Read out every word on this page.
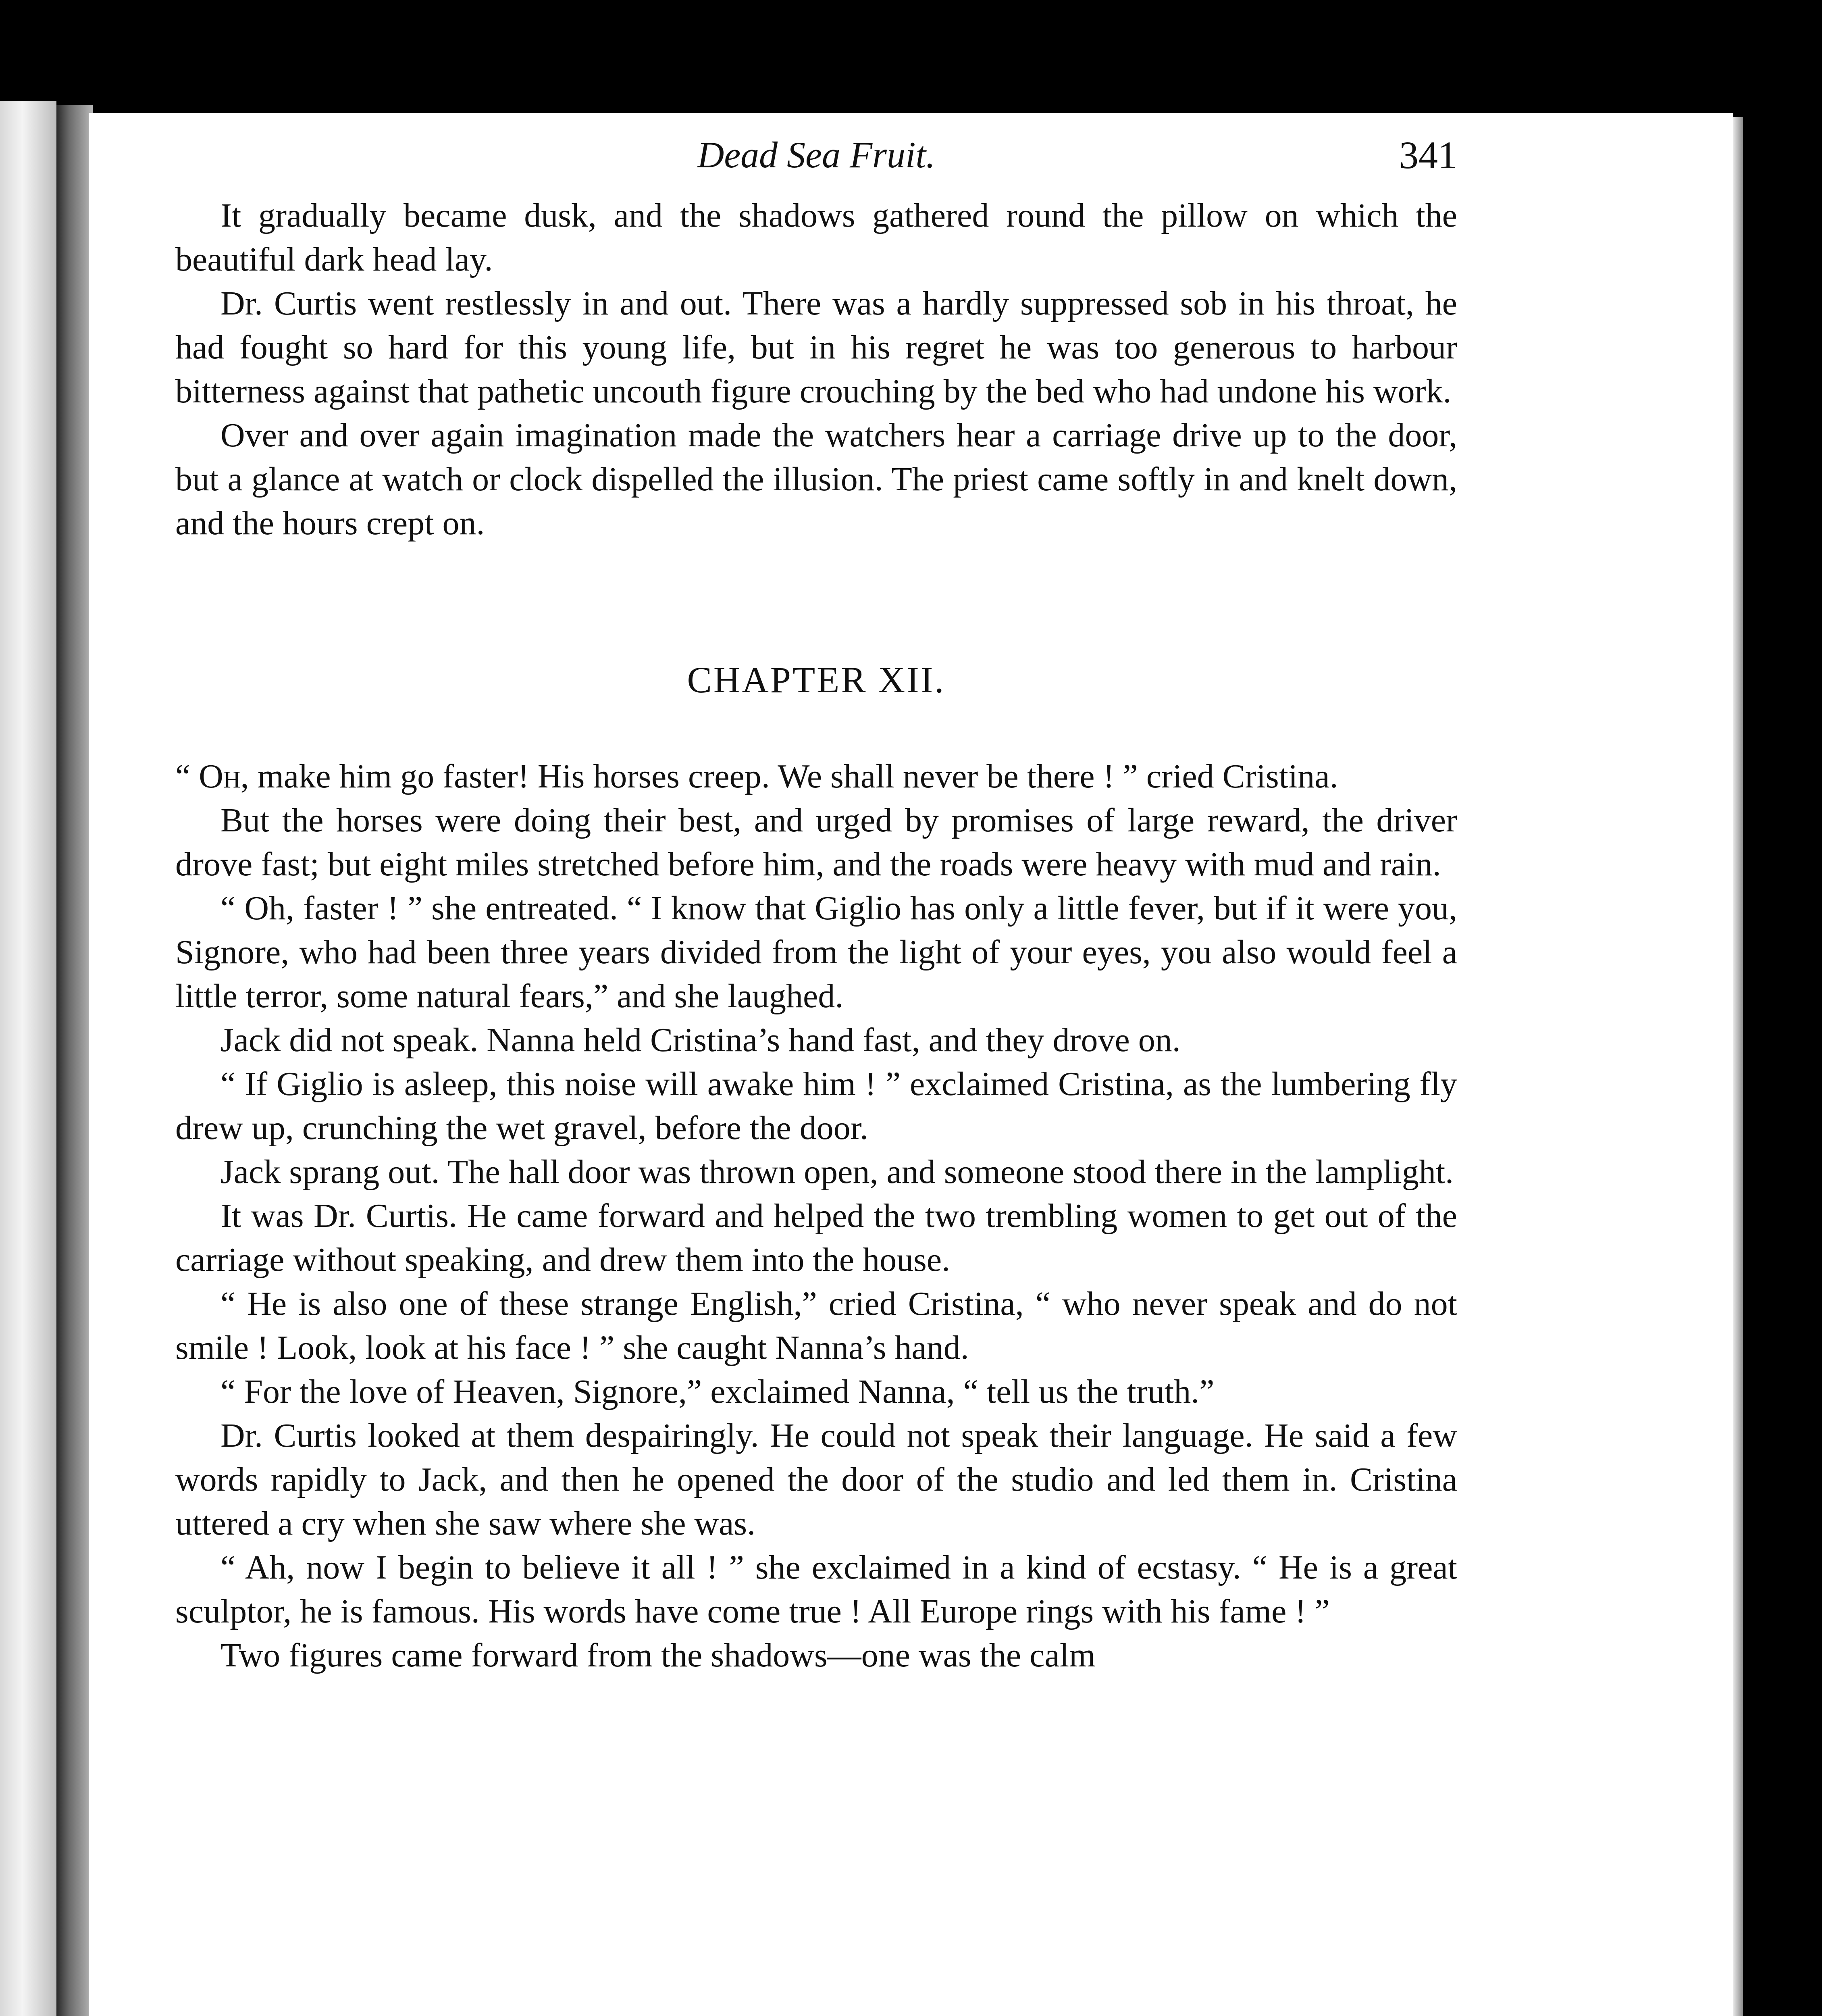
Dead Sea Fruit.	341

It gradually became dusk, and the shadows gathered round the pillow on which the beautiful dark head lay.

Dr. Curtis went restlessly in and out. There was a hardly suppressed sob in his throat, he had fought so hard for this young life, but in his regret he was too generous to harbour bitterness against that pathetic uncouth figure crouching by the bed who had undone his work.

Over and over again imagination made the watchers hear a carriage drive up to the door, but a glance at watch or clock dispelled the illusion. The priest came softly in and knelt down, and the hours crept on.

CHAPTER XII.

“ Oh, make him go faster! His horses creep. We shall never be there ! ” cried Cristina.

But the horses were doing their best, and urged by promises of large reward, the driver drove fast; but eight miles stretched before him, and the roads were heavy with mud and rain.

“ Oh, faster ! ” she entreated. “ I know that Giglio has only a little fever, but if it were you, Signore, who had been three years divided from the light of your eyes, you also would feel a little terror, some natural fears,” and she laughed.

Jack did not speak. Nanna held Cristina’s hand fast, and they drove on.

“ If Giglio is asleep, this noise will awake him ! ” exclaimed Cristina, as the lumbering fly drew up, crunching the wet gravel, before the door.

Jack sprang out. The hall door was thrown open, and someone stood there in the lamplight.

It was Dr. Curtis. He came forward and helped the two trembling women to get out of the carriage without speaking, and drew them into the house.

“ He is also one of these strange English,” cried Cristina, “ who never speak and do not smile ! Look, look at his face ! ” she caught Nanna’s hand.

“ For the love of Heaven, Signore,” exclaimed Nanna, “ tell us the truth.”

Dr. Curtis looked at them despairingly. He could not speak their language. He said a few words rapidly to Jack, and then he opened the door of the studio and led them in. Cristina uttered a cry when she saw where she was.

“ Ah, now I begin to believe it all ! ” she exclaimed in a kind of ecstasy. “ He is a great sculptor, he is famous. His words have come true ! All Europe rings with his fame ! ”

Two figures came forward from the shadows—one was the calm
